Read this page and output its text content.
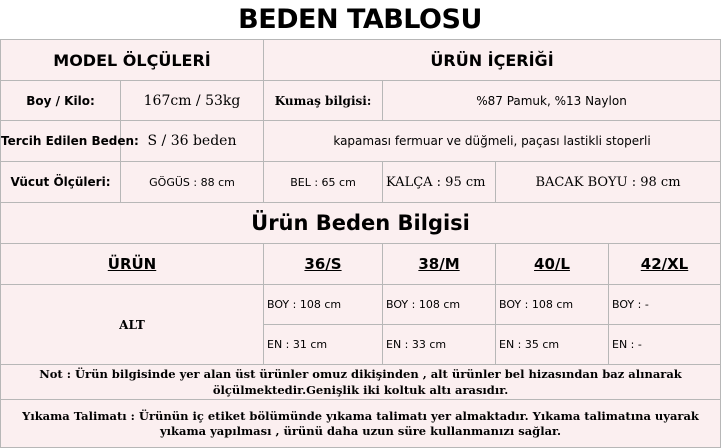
BEDEN TABLOSU
MODEL ÖLÇÜLERİ		ÜRÜN İÇERİĞİ			
Boy / Kilo:	167cm / 53kg	Kumaş bilgisi:	%87 Pamuk, %13 Naylon		
Tercih Edilen Beden:	S / 36 beden	kapaması fermuar ve düğmeli, paçası lastikli stoperli			
Vücut Ölçüleri:	GÖGÜS : 88 cm	BEL : 65 cm	KALÇA : 95 cm	BACAK BOYU : 98 cm	
Ürün Beden Bilgisi					
ÜRÜN		36/S	38/M	40/L	42/XL
ALT		BOY : 108 cm	BOY : 108 cm	BOY : 108 cm	BOY : -
		EN : 31 cm	EN : 33 cm	EN : 35 cm	EN : -
Not : Ürün bilgisinde yer alan üst ürünler omuz dikişinden , alt ürünler bel hizasından baz alınarak ölçülmektedir.Genişlik iki koltuk altı arasıdır.					
Yıkama Talimatı : Ürünün iç etiket bölümünde yıkama talimatı yer almaktadır. Yıkama talimatına uyarak yıkama yapılması , ürünü daha uzun süre kullanmanızı sağlar.					
